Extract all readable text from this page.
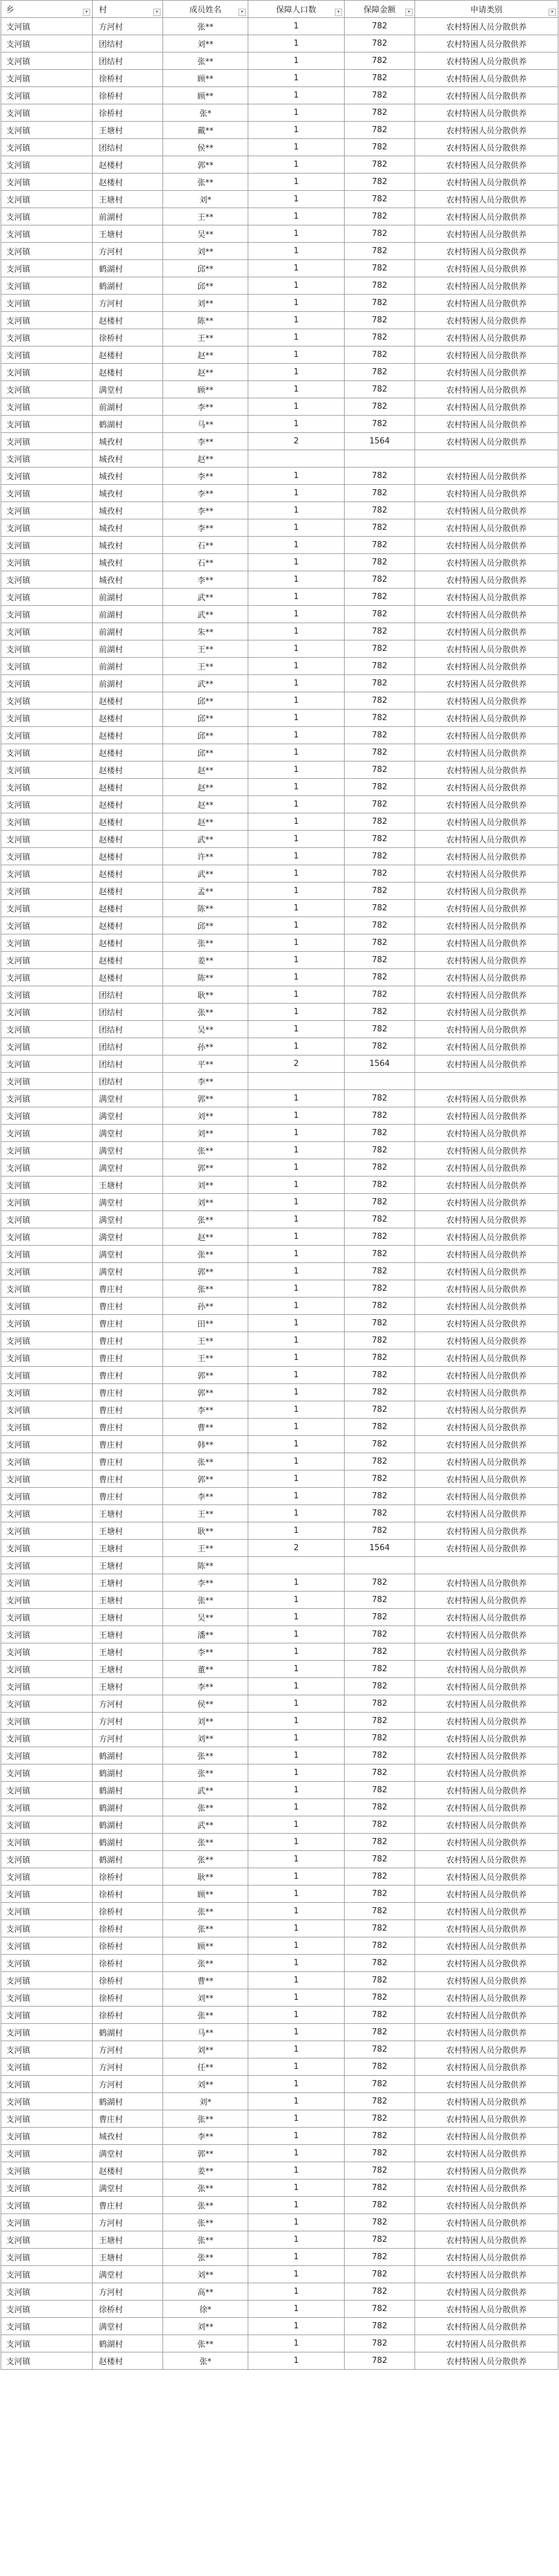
乡 ▾	村 ▾	成员姓名 ▾	保障人口数 ▾	保障金额 ▾	申请类别 ▾

支河镇	方河村	张**	1	782	农村特困人员分散供养
支河镇	团结村	刘**	1	782	农村特困人员分散供养
支河镇	团结村	张**	1	782	农村特困人员分散供养
支河镇	徐桥村	顾**	1	782	农村特困人员分散供养
支河镇	徐桥村	顾**	1	782	农村特困人员分散供养
支河镇	徐桥村	张*	1	782	农村特困人员分散供养
支河镇	王塘村	戴**	1	782	农村特困人员分散供养
支河镇	团结村	侯**	1	782	农村特困人员分散供养
支河镇	赵楼村	郭**	1	782	农村特困人员分散供养
支河镇	赵楼村	张**	1	782	农村特困人员分散供养
支河镇	王塘村	刘*	1	782	农村特困人员分散供养
支河镇	前湖村	王**	1	782	农村特困人员分散供养
支河镇	王塘村	吴**	1	782	农村特困人员分散供养
支河镇	方河村	刘**	1	782	农村特困人员分散供养
支河镇	鹤湖村	邱**	1	782	农村特困人员分散供养
支河镇	鹤湖村	邱**	1	782	农村特困人员分散供养
支河镇	方河村	刘**	1	782	农村特困人员分散供养
支河镇	赵楼村	陈**	1	782	农村特困人员分散供养
支河镇	徐桥村	王**	1	782	农村特困人员分散供养
支河镇	赵楼村	赵**	1	782	农村特困人员分散供养
支河镇	赵楼村	赵**	1	782	农村特困人员分散供养
支河镇	满堂村	顾**	1	782	农村特困人员分散供养
支河镇	前湖村	李**	1	782	农村特困人员分散供养
支河镇	鹤湖村	马**	1	782	农村特困人员分散供养
支河镇	城孜村	李**	2	1564	农村特困人员分散供养
支河镇	城孜村	赵**			
支河镇	城孜村	李**	1	782	农村特困人员分散供养
支河镇	城孜村	李**	1	782	农村特困人员分散供养
支河镇	城孜村	李**	1	782	农村特困人员分散供养
支河镇	城孜村	李**	1	782	农村特困人员分散供养
支河镇	城孜村	石**	1	782	农村特困人员分散供养
支河镇	城孜村	石**	1	782	农村特困人员分散供养
支河镇	城孜村	李**	1	782	农村特困人员分散供养
支河镇	前湖村	武**	1	782	农村特困人员分散供养
支河镇	前湖村	武**	1	782	农村特困人员分散供养
支河镇	前湖村	朱**	1	782	农村特困人员分散供养
支河镇	前湖村	王**	1	782	农村特困人员分散供养
支河镇	前湖村	王**	1	782	农村特困人员分散供养
支河镇	前湖村	武**	1	782	农村特困人员分散供养
支河镇	赵楼村	邱**	1	782	农村特困人员分散供养
支河镇	赵楼村	邱**	1	782	农村特困人员分散供养
支河镇	赵楼村	邱**	1	782	农村特困人员分散供养
支河镇	赵楼村	邱**	1	782	农村特困人员分散供养
支河镇	赵楼村	赵**	1	782	农村特困人员分散供养
支河镇	赵楼村	赵**	1	782	农村特困人员分散供养
支河镇	赵楼村	赵**	1	782	农村特困人员分散供养
支河镇	赵楼村	赵**	1	782	农村特困人员分散供养
支河镇	赵楼村	武**	1	782	农村特困人员分散供养
支河镇	赵楼村	许**	1	782	农村特困人员分散供养
支河镇	赵楼村	武**	1	782	农村特困人员分散供养
支河镇	赵楼村	孟**	1	782	农村特困人员分散供养
支河镇	赵楼村	陈**	1	782	农村特困人员分散供养
支河镇	赵楼村	邱**	1	782	农村特困人员分散供养
支河镇	赵楼村	张**	1	782	农村特困人员分散供养
支河镇	赵楼村	姜**	1	782	农村特困人员分散供养
支河镇	赵楼村	陈**	1	782	农村特困人员分散供养
支河镇	团结村	耿**	1	782	农村特困人员分散供养
支河镇	团结村	张**	1	782	农村特困人员分散供养
支河镇	团结村	吴**	1	782	农村特困人员分散供养
支河镇	团结村	孙**	1	782	农村特困人员分散供养
支河镇	团结村	平**	2	1564	农村特困人员分散供养
支河镇	团结村	李**			
支河镇	满堂村	郭**	1	782	农村特困人员分散供养
支河镇	满堂村	刘**	1	782	农村特困人员分散供养
支河镇	满堂村	刘**	1	782	农村特困人员分散供养
支河镇	满堂村	张**	1	782	农村特困人员分散供养
支河镇	满堂村	郭**	1	782	农村特困人员分散供养
支河镇	王塘村	刘**	1	782	农村特困人员分散供养
支河镇	满堂村	刘**	1	782	农村特困人员分散供养
支河镇	满堂村	张**	1	782	农村特困人员分散供养
支河镇	满堂村	赵**	1	782	农村特困人员分散供养
支河镇	满堂村	张**	1	782	农村特困人员分散供养
支河镇	满堂村	郭**	1	782	农村特困人员分散供养
支河镇	曹庄村	张**	1	782	农村特困人员分散供养
支河镇	曹庄村	孙**	1	782	农村特困人员分散供养
支河镇	曹庄村	田**	1	782	农村特困人员分散供养
支河镇	曹庄村	王**	1	782	农村特困人员分散供养
支河镇	曹庄村	王**	1	782	农村特困人员分散供养
支河镇	曹庄村	郭**	1	782	农村特困人员分散供养
支河镇	曹庄村	郭**	1	782	农村特困人员分散供养
支河镇	曹庄村	李**	1	782	农村特困人员分散供养
支河镇	曹庄村	曹**	1	782	农村特困人员分散供养
支河镇	曹庄村	韩**	1	782	农村特困人员分散供养
支河镇	曹庄村	张**	1	782	农村特困人员分散供养
支河镇	曹庄村	郭**	1	782	农村特困人员分散供养
支河镇	曹庄村	李**	1	782	农村特困人员分散供养
支河镇	王塘村	王**	1	782	农村特困人员分散供养
支河镇	王塘村	耿**	1	782	农村特困人员分散供养
支河镇	王塘村	王**	2	1564	农村特困人员分散供养
支河镇	王塘村	陈**			
支河镇	王塘村	李**	1	782	农村特困人员分散供养
支河镇	王塘村	张**	1	782	农村特困人员分散供养
支河镇	王塘村	吴**	1	782	农村特困人员分散供养
支河镇	王塘村	潘**	1	782	农村特困人员分散供养
支河镇	王塘村	李**	1	782	农村特困人员分散供养
支河镇	王塘村	董**	1	782	农村特困人员分散供养
支河镇	王塘村	李**	1	782	农村特困人员分散供养
支河镇	方河村	侯**	1	782	农村特困人员分散供养
支河镇	方河村	刘**	1	782	农村特困人员分散供养
支河镇	方河村	刘**	1	782	农村特困人员分散供养
支河镇	鹤湖村	张**	1	782	农村特困人员分散供养
支河镇	鹤湖村	张**	1	782	农村特困人员分散供养
支河镇	鹤湖村	武**	1	782	农村特困人员分散供养
支河镇	鹤湖村	张**	1	782	农村特困人员分散供养
支河镇	鹤湖村	武**	1	782	农村特困人员分散供养
支河镇	鹤湖村	张**	1	782	农村特困人员分散供养
支河镇	鹤湖村	张**	1	782	农村特困人员分散供养
支河镇	徐桥村	耿**	1	782	农村特困人员分散供养
支河镇	徐桥村	顾**	1	782	农村特困人员分散供养
支河镇	徐桥村	张**	1	782	农村特困人员分散供养
支河镇	徐桥村	张**	1	782	农村特困人员分散供养
支河镇	徐桥村	顾**	1	782	农村特困人员分散供养
支河镇	徐桥村	张**	1	782	农村特困人员分散供养
支河镇	徐桥村	曹**	1	782	农村特困人员分散供养
支河镇	徐桥村	刘**	1	782	农村特困人员分散供养
支河镇	徐桥村	张**	1	782	农村特困人员分散供养
支河镇	鹤湖村	马**	1	782	农村特困人员分散供养
支河镇	方河村	刘**	1	782	农村特困人员分散供养
支河镇	方河村	任**	1	782	农村特困人员分散供养
支河镇	方河村	刘**	1	782	农村特困人员分散供养
支河镇	鹤湖村	刘*	1	782	农村特困人员分散供养
支河镇	曹庄村	张**	1	782	农村特困人员分散供养
支河镇	城孜村	李**	1	782	农村特困人员分散供养
支河镇	满堂村	郭**	1	782	农村特困人员分散供养
支河镇	赵楼村	姜**	1	782	农村特困人员分散供养
支河镇	满堂村	张**	1	782	农村特困人员分散供养
支河镇	曹庄村	张**	1	782	农村特困人员分散供养
支河镇	方河村	张**	1	782	农村特困人员分散供养
支河镇	王塘村	张**	1	782	农村特困人员分散供养
支河镇	王塘村	张**	1	782	农村特困人员分散供养
支河镇	满堂村	刘**	1	782	农村特困人员分散供养
支河镇	方河村	高**	1	782	农村特困人员分散供养
支河镇	徐桥村	徐*	1	782	农村特困人员分散供养
支河镇	满堂村	刘**	1	782	农村特困人员分散供养
支河镇	鹤湖村	张**	1	782	农村特困人员分散供养
支河镇	赵楼村	张*	1	782	农村特困人员分散供养
